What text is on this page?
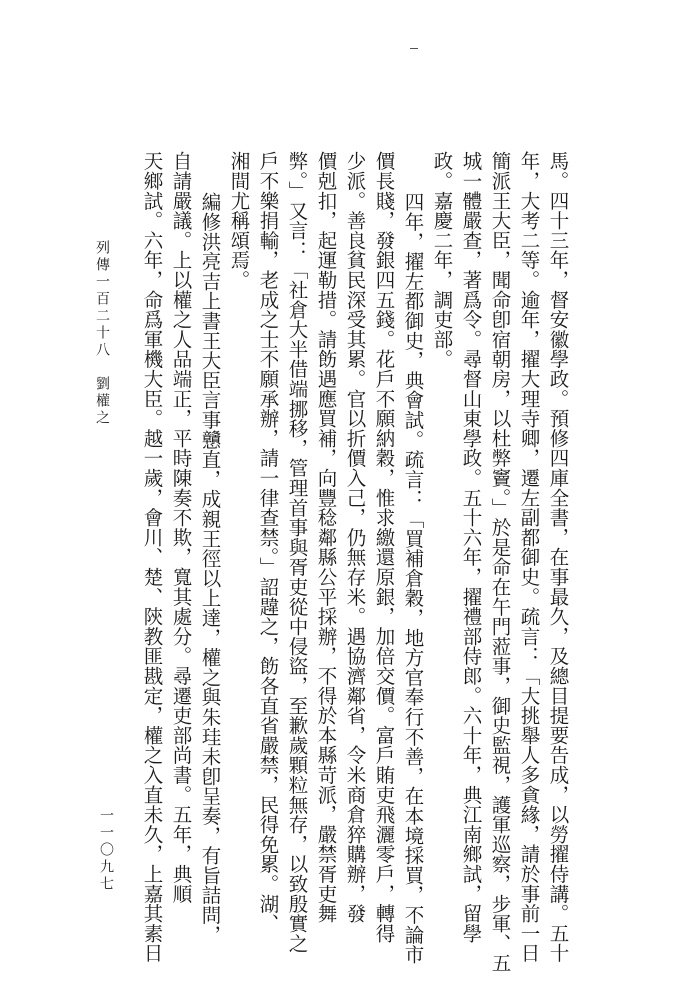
馬。四十三年，督安徽學政。預修四庫全書，在事最久，及總目提要告成，以勞擢侍講。五十
年，大考二等。逾年，擢大理寺卿，遷左副都御史。疏言：「大挑舉人多貪緣，請於事前一日
簡派王大臣，聞命卽宿朝房，以杜弊竇。」於是命在午門蒞事，御史監視，護軍巡察，步軍、五
城一體嚴查，著爲令。尋督山東學政。五十六年，擢禮部侍郎。六十年，典江南鄉試，留學
政。嘉慶二年，調吏部。
四年，擢左都御史，典會試。疏言：「買補倉穀，地方官奉行不善，在本境採買，不論市
價長賤，發銀四五錢。花戶不願納穀，惟求繳還原銀，加倍交價。富戶賄吏飛灑零戶，轉得
少派。善良貧民深受其累。官以折價入己，仍無存米。遇協濟鄰省，令米商倉猝購辦，發
價剋扣，起運勒措。請飭遇應買補，向豐稔鄰縣公平採辦，不得於本縣苛派，嚴禁胥吏舞
弊。」又言：「社倉大半借端挪移，管理首事與胥吏從中侵盜，至歉歲顆粒無存，以致殷實之
戶不樂捐輸，老成之士不願承辦，請一律查禁。」詔韙之，飭各直省嚴禁，民得免累。湖、
湘間尤稱頌焉。
編修洪亮吉上書王大臣言事戇直，成親王徑以上達，權之與朱珪未卽呈奏，有旨詰問，
自請嚴議。上以權之人品端正，平時陳奏不欺，寬其處分。尋遷吏部尚書。五年，典順
天鄉試。六年，命爲軍機大臣。越一歲，會川、楚、陝教匪戡定，權之入直未久，上嘉其素日
列傳一百二十八　劉權之
一一〇九七
